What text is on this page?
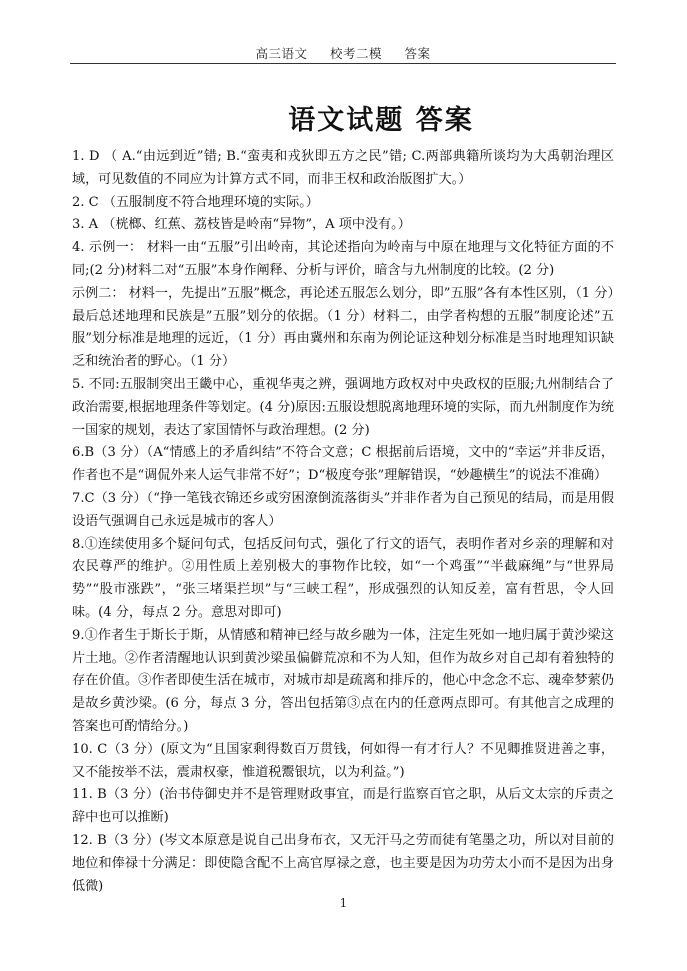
高三语文 校考二模 答案
语文试题 答案

1. D （ A.“由远到近”错; B.“蛮夷和戎狄即五方之民”错; C.两部典籍所谈均为大禹朝治理区域，可见数值的不同应为计算方式不同，而非王权和政治版图扩大。）

2. C （五服制度不符合地理环境的实际。）

3. A （桄榔、红蕉、荔枝皆是岭南“异物”，A 项中没有。）

4. 示例一： 材料一由“五服”引出岭南，其论述指向为岭南与中原在地理与文化特征方面的不同;(2 分)材料二对“五服”本身作阐释、分析与评价，暗含与九州制度的比较。(2 分)

示例二： 材料一，先提出”五服”概念，再论述五服怎么划分，即”五服”各有本性区别，（1 分）最后总述地理和民族是”五服”划分的依据。（1 分）材料二，由学者构想的五服”制度论述”五服”划分标准是地理的远近，（1 分）再由冀州和东南为例论证这种划分标准是当时地理知识缺乏和统治者的野心。（1 分）

5. 不同:五服制突出王畿中心，重视华夷之辨，强调地方政权对中央政权的臣服;九州制结合了政治需要,根据地理条件等划定。(4 分)原因:五服设想脱离地理环境的实际，而九州制度作为统一国家的规划，表达了家国情怀与政治理想。(2 分)

6.B（3 分）（A“情感上的矛盾纠结”不符合文意；C 根据前后语境，文中的“幸运”并非反语，作者也不是“调侃外来人运气非常不好”；D“极度夸张”理解错误，“妙趣横生”的说法不准确）

7.C（3 分）（“挣一笔钱衣锦还乡或穷困潦倒流落街头”并非作者为自己预见的结局，而是用假设语气强调自己永远是城市的客人）

8.①连续使用多个疑问句式，包括反问句式，强化了行文的语气，表明作者对乡亲的理解和对农民尊严的维护。②用性质上差别极大的事物作比较，如“一个鸡蛋”“半截麻绳”与“世界局势”“股市涨跌”，“张三堵渠拦坝”与“三峡工程”，形成强烈的认知反差，富有哲思，令人回味。(4 分，每点 2 分。意思对即可)

9.①作者生于斯长于斯，从情感和精神已经与故乡融为一体，注定生死如一地归属于黄沙梁这片土地。②作者清醒地认识到黄沙梁虽偏僻荒凉和不为人知，但作为故乡对自己却有着独特的存在价值。③作者即使生活在城市，对城市却是疏离和排斥的，他心中念念不忘、魂牵梦萦仍是故乡黄沙梁。(6 分，每点 3 分，答出包括第③点在内的任意两点即可。有其他言之成理的答案也可酌情给分。)

10. C（3 分）(原文为“且国家剩得数百万贯钱，何如得一有才行人？不见卿推贤进善之事，又不能按举不法，震肃权豪，惟道税鬻银坑，以为利益。”)

11. B（3 分）(治书侍御史并不是管理财政事宜，而是行监察百官之职，从后文太宗的斥责之辞中也可以推断)

12. B（3 分）(岑文本原意是说自己出身布衣，又无汗马之劳而徒有笔墨之功，所以对目前的地位和俸禄十分满足：即使隐含配不上高官厚禄之意，也主要是因为功劳太小而不是因为出身低微)

1
